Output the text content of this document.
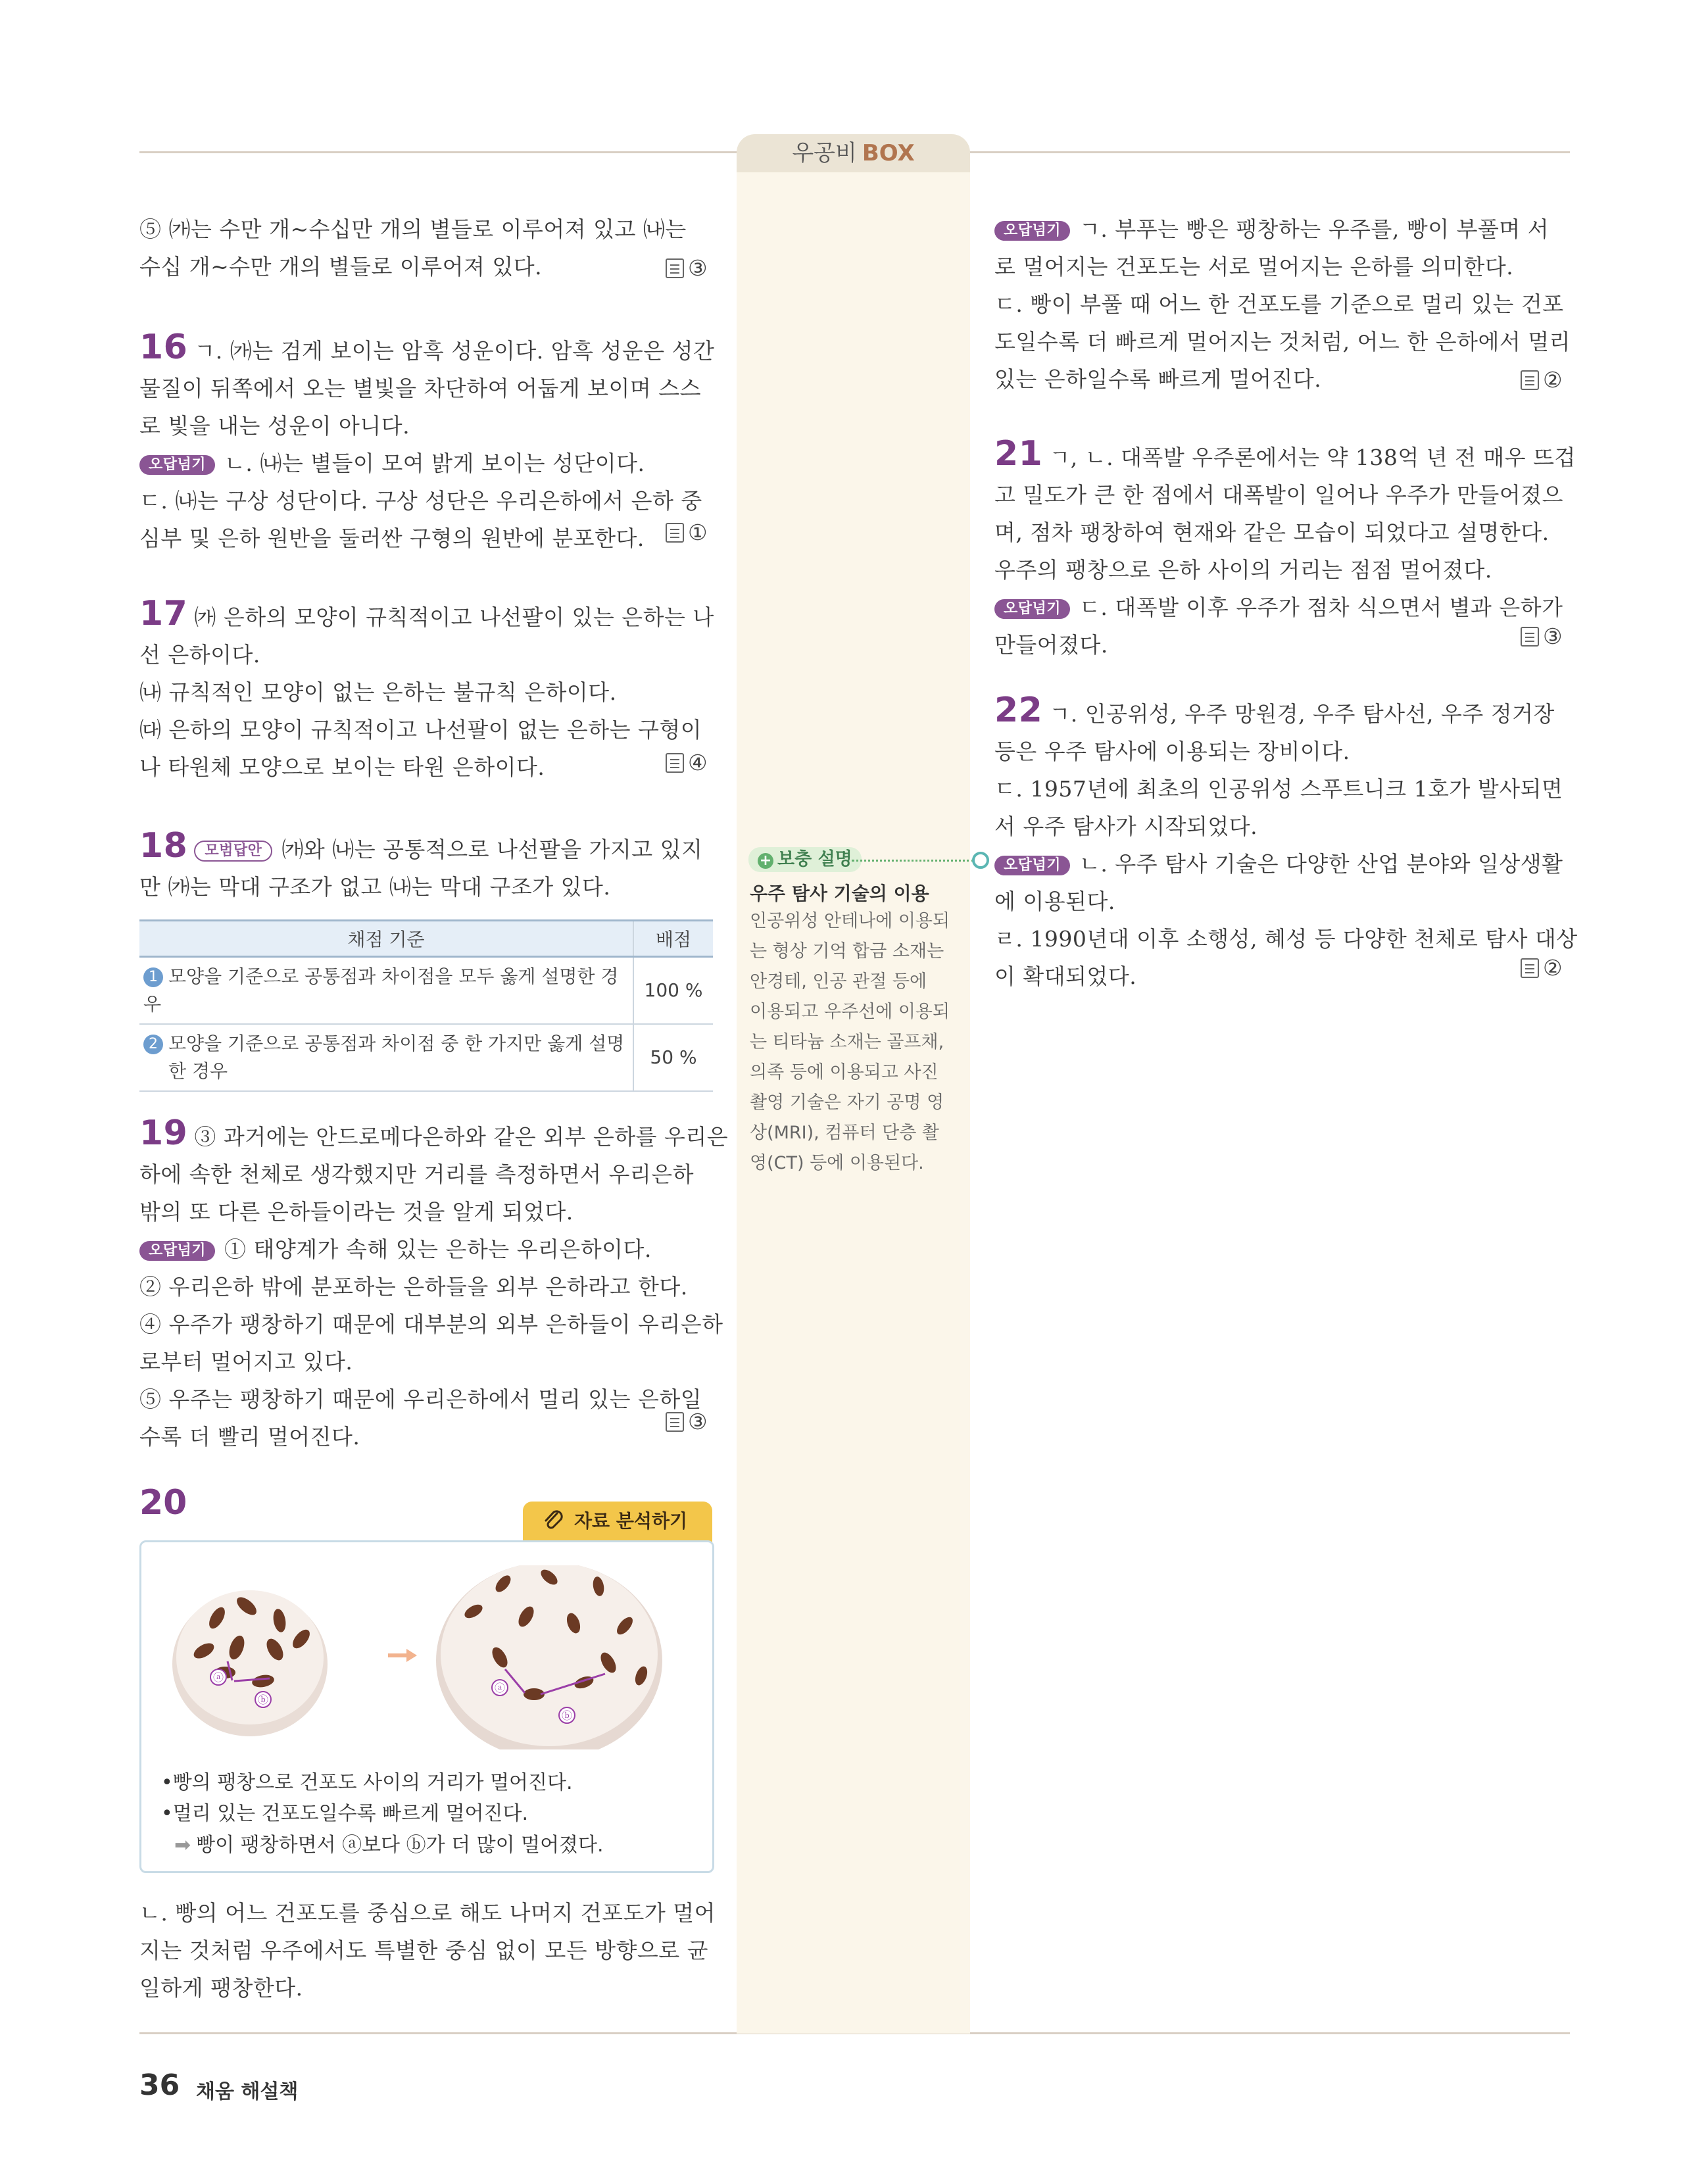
우공비 BOX
⑤ ㈎는 수만 개~수십만 개의 별들로 이루어져 있고 ㈏는
수십 개~수만 개의 별들로 이루어져 있다.	③
16 ㄱ. ㈎는 검게 보이는 암흑 성운이다. 암흑 성운은 성간
물질이 뒤쪽에서 오는 별빛을 차단하여 어둡게 보이며 스스
로 빛을 내는 성운이 아니다.
오답넘기 ㄴ. ㈏는 별들이 모여 밝게 보이는 성단이다.
ㄷ. ㈏는 구상 성단이다. 구상 성단은 우리은하에서 은하 중
심부 및 은하 원반을 둘러싼 구형의 원반에 분포한다.	①
17 ㈎ 은하의 모양이 규칙적이고 나선팔이 있는 은하는 나
선 은하이다.
㈏ 규칙적인 모양이 없는 은하는 불규칙 은하이다.
㈐ 은하의 모양이 규칙적이고 나선팔이 없는 은하는 구형이
나 타원체 모양으로 보이는 타원 은하이다.	④
18 모범답안 ㈎와 ㈏는 공통적으로 나선팔을 가지고 있지
만 ㈎는 막대 구조가 없고 ㈏는 막대 구조가 있다.
채점 기준	배점
1 모양을 기준으로 공통점과 차이점을 모두 옳게 설명한 경우	100 %
2 모양을 기준으로 공통점과 차이점 중 한 가지만 옳게 설명
한 경우	50 %
19 ③ 과거에는 안드로메다은하와 같은 외부 은하를 우리은
하에 속한 천체로 생각했지만 거리를 측정하면서 우리은하
밖의 또 다른 은하들이라는 것을 알게 되었다.
오답넘기 ① 태양계가 속해 있는 은하는 우리은하이다.
② 우리은하 밖에 분포하는 은하들을 외부 은하라고 한다.
④ 우주가 팽창하기 때문에 대부분의 외부 은하들이 우리은하
로부터 멀어지고 있다.
⑤ 우주는 팽창하기 때문에 우리은하에서 멀리 있는 은하일
수록 더 빨리 멀어진다.
③
20	자료 분석하기
ⓐ
ⓑ
ⓐ
ⓑ
•빵의 팽창으로 건포도 사이의 거리가 멀어진다.
•멀리 있는 건포도일수록 빠르게 멀어진다.
➡ 빵이 팽창하면서 ⓐ보다 ⓑ가 더 많이 멀어졌다.
ㄴ. 빵의 어느 건포도를 중심으로 해도 나머지 건포도가 멀어
지는 것처럼 우주에서도 특별한 중심 없이 모든 방향으로 균
일하게 팽창한다.
+ 보충 설명
우주 탐사 기술의 이용
인공위성 안테나에 이용되
는 형상 기억 합금 소재는
안경테, 인공 관절 등에
이용되고 우주선에 이용되
는 티타늄 소재는 골프채,
의족 등에 이용되고 사진
촬영 기술은 자기 공명 영
상(MRI), 컴퓨터 단층 촬
영(CT) 등에 이용된다.
오답넘기 ㄱ. 부푸는 빵은 팽창하는 우주를, 빵이 부풀며 서
로 멀어지는 건포도는 서로 멀어지는 은하를 의미한다.
ㄷ. 빵이 부풀 때 어느 한 건포도를 기준으로 멀리 있는 건포
도일수록 더 빠르게 멀어지는 것처럼, 어느 한 은하에서 멀리
있는 은하일수록 빠르게 멀어진다.	②
21 ㄱ, ㄴ. 대폭발 우주론에서는 약 138억 년 전 매우 뜨겁
고 밀도가 큰 한 점에서 대폭발이 일어나 우주가 만들어졌으
며, 점차 팽창하여 현재와 같은 모습이 되었다고 설명한다.
우주의 팽창으로 은하 사이의 거리는 점점 멀어졌다.
오답넘기 ㄷ. 대폭발 이후 우주가 점차 식으면서 별과 은하가
만들어졌다.	③
22 ㄱ. 인공위성, 우주 망원경, 우주 탐사선, 우주 정거장
등은 우주 탐사에 이용되는 장비이다.
ㄷ. 1957년에 최초의 인공위성 스푸트니크 1호가 발사되면
서 우주 탐사가 시작되었다.
오답넘기 ㄴ. 우주 탐사 기술은 다양한 산업 분야와 일상생활
에 이용된다.
ㄹ. 1990년대 이후 소행성, 혜성 등 다양한 천체로 탐사 대상
이 확대되었다.	②
36 채움 해설책
